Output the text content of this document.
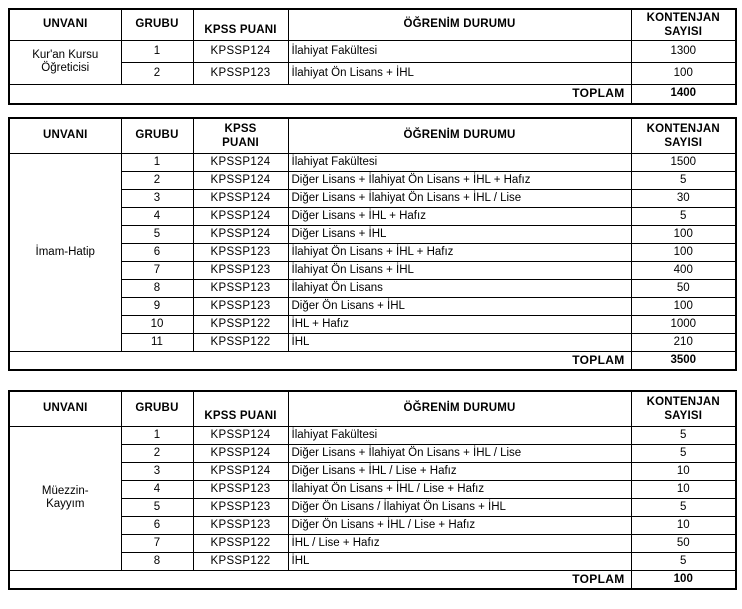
UNVANI	GRUBU	KPSS PUANI	ÖĞRENİM DURUMU	KONTENJAN
SAYISI

Kur'an Kursu
Öğreticisi	1	KPSSP124	İlahiyat Fakültesi	1300
	2	KPSSP123	İlahiyat Ön Lisans + İHL	100
TOPLAM				1400
UNVANI	GRUBU	KPSS
PUANI	ÖĞRENİM DURUMU	KONTENJAN
SAYISI

İmam-Hatip	1	KPSSP124	İlahiyat Fakültesi	1500
	2	KPSSP124	Diğer Lisans + İlahiyat Ön Lisans + İHL + Hafız	5
	3	KPSSP124	Diğer Lisans + İlahiyat Ön Lisans + İHL / Lise	30
	4	KPSSP124	Diğer Lisans + İHL + Hafız	5
	5	KPSSP124	Diğer Lisans + İHL	100
	6	KPSSP123	İlahiyat Ön Lisans + İHL + Hafız	100
	7	KPSSP123	İlahiyat Ön Lisans + İHL	400
	8	KPSSP123	İlahiyat Ön Lisans	50
	9	KPSSP123	Diğer Ön Lisans + İHL	100
	10	KPSSP122	İHL + Hafız	1000
	11	KPSSP122	İHL	210
TOPLAM				3500
UNVANI	GRUBU	KPSS PUANI	ÖĞRENİM DURUMU	KONTENJAN
SAYISI

Müezzin-
Kayyım	1	KPSSP124	İlahiyat Fakültesi	5
	2	KPSSP124	Diğer Lisans + İlahiyat Ön Lisans + İHL / Lise	5
	3	KPSSP124	Diğer Lisans + İHL / Lise + Hafız	10
	4	KPSSP123	İlahiyat Ön Lisans + İHL / Lise + Hafız	10
	5	KPSSP123	Diğer Ön Lisans / İlahiyat Ön Lisans + İHL	5
	6	KPSSP123	Diğer Ön Lisans + İHL / Lise + Hafız	10
	7	KPSSP122	İHL / Lise + Hafız	50
	8	KPSSP122	İHL	5
TOPLAM				100
